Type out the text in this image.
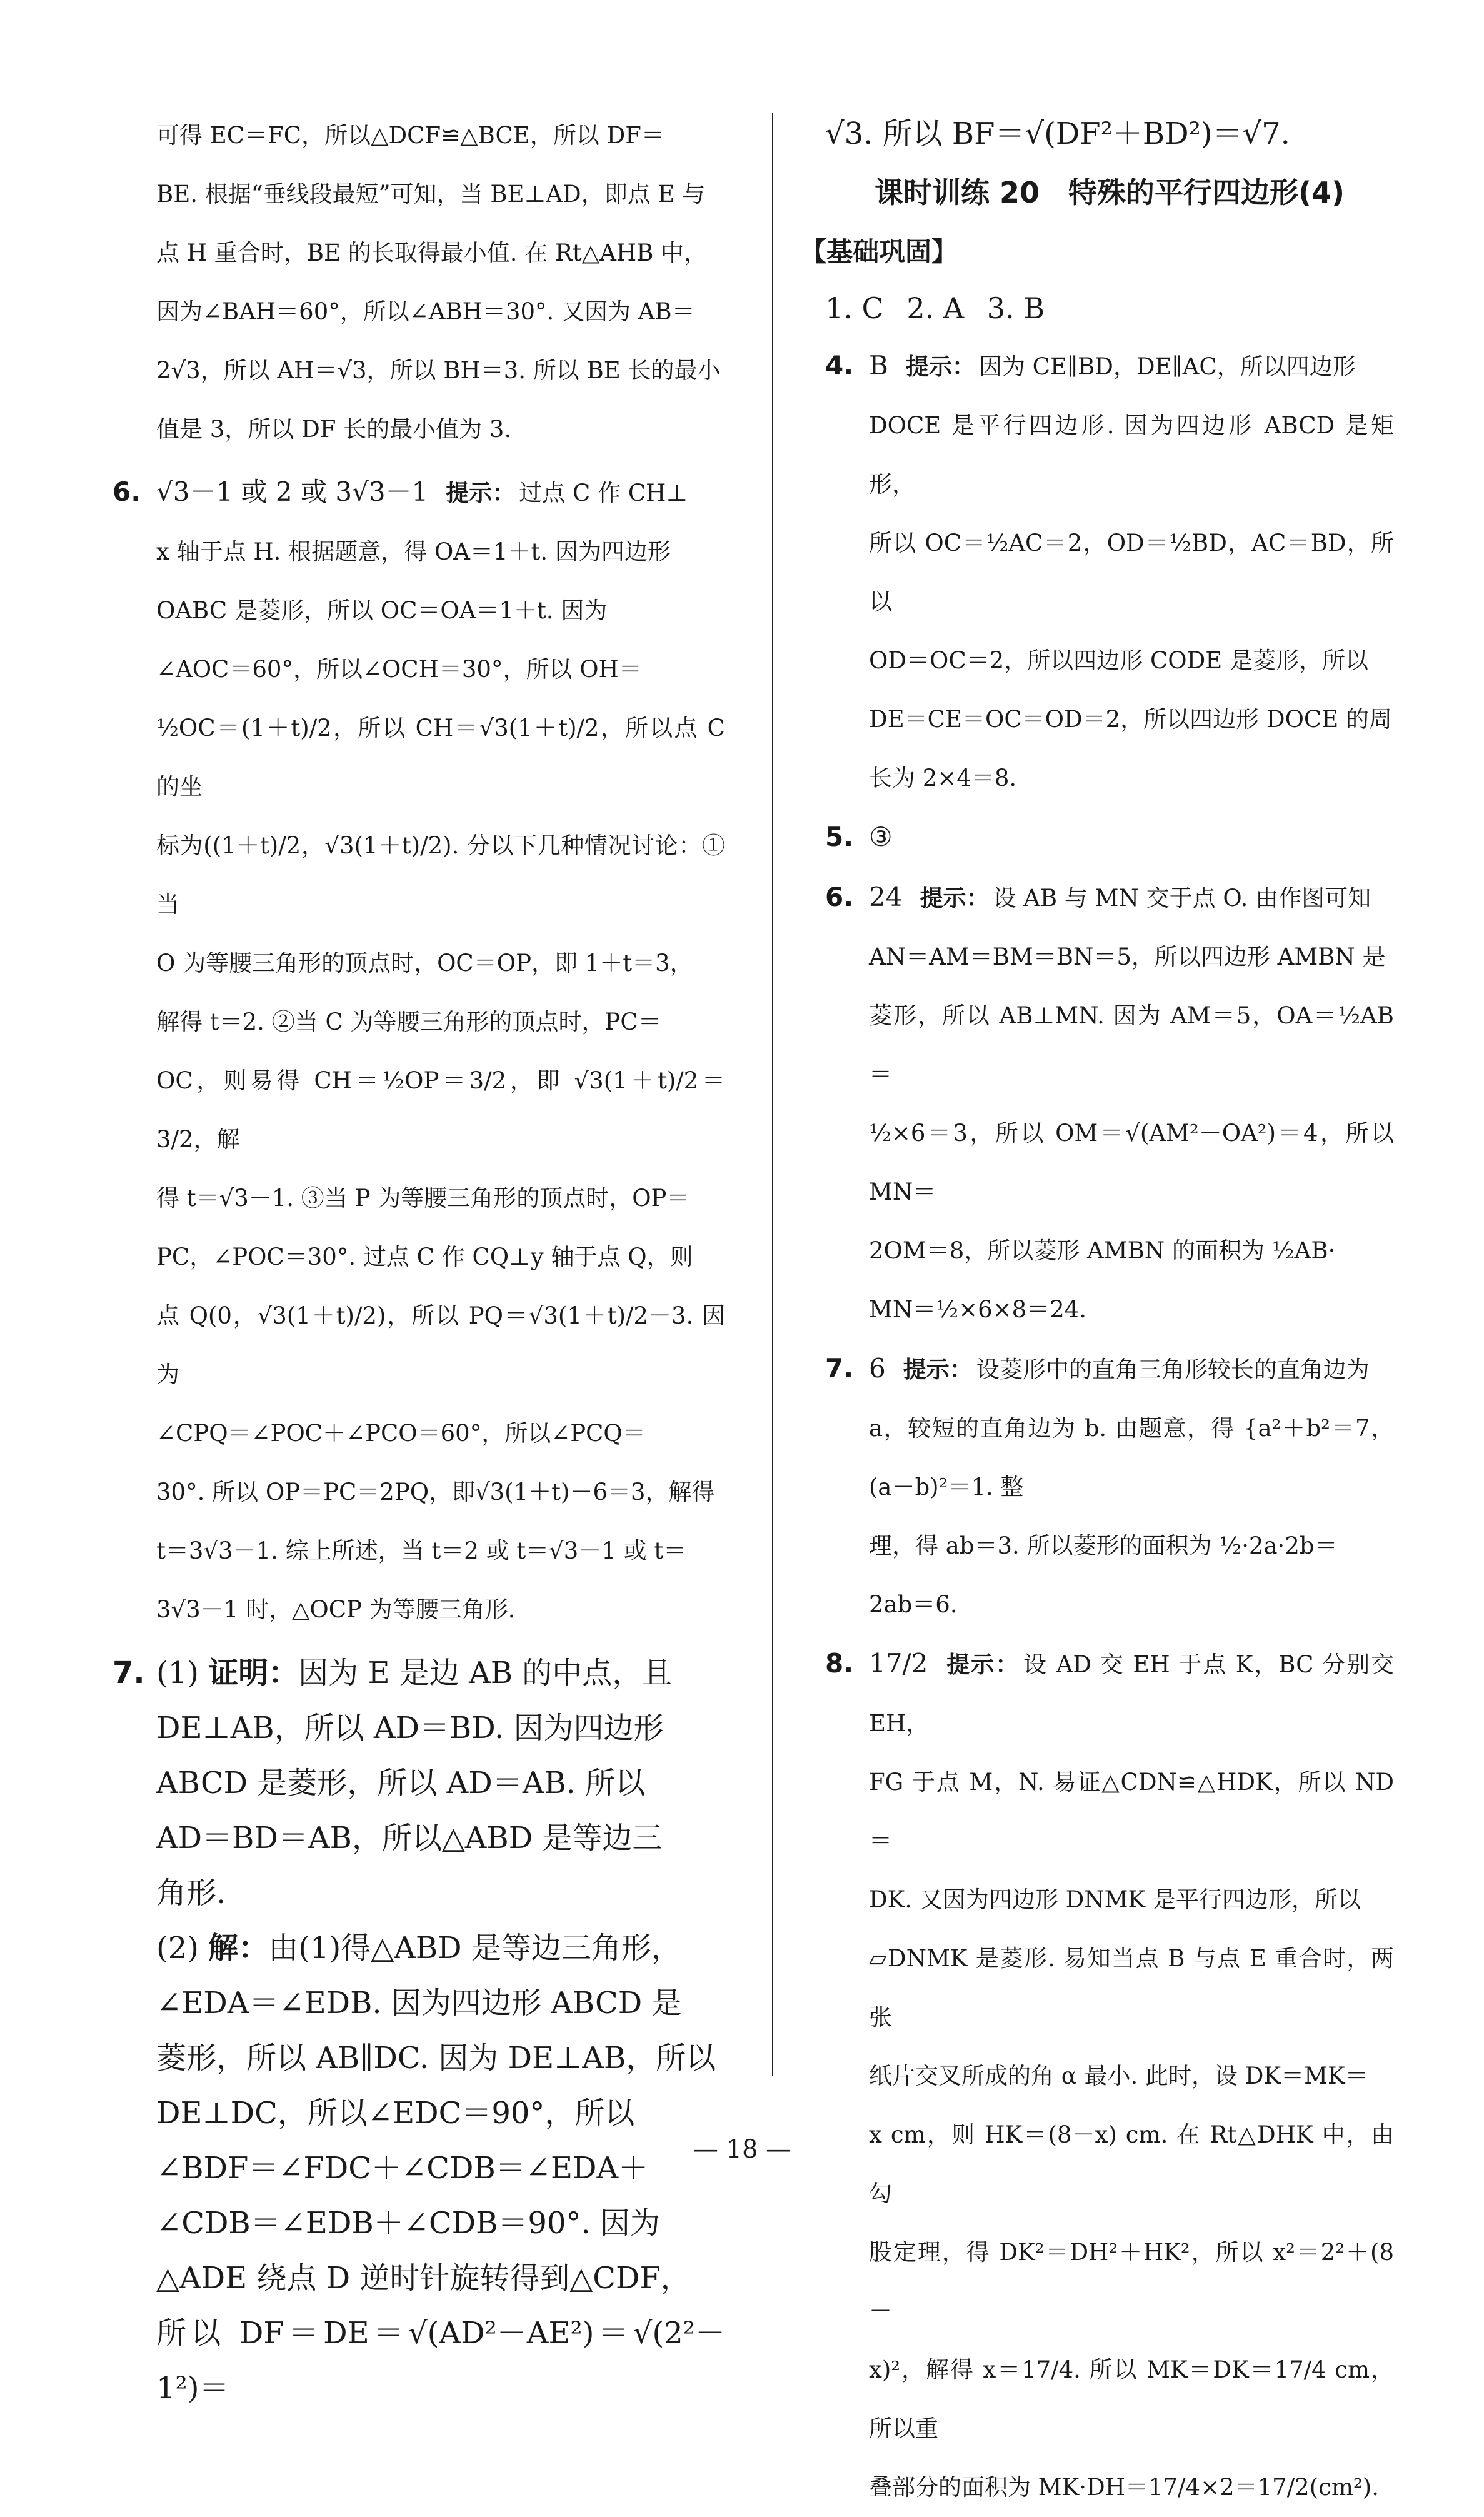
可得 EC＝FC，所以△DCF≌△BCE，所以 DF＝

BE. 根据“垂线段最短”可知，当 BE⊥AD，即点 E 与

点 H 重合时，BE 的长取得最小值. 在 Rt△AHB 中，

因为∠BAH＝60°，所以∠ABH＝30°. 又因为 AB＝

2√3，所以 AH＝√3，所以 BH＝3. 所以 BE 长的最小

值是 3，所以 DF 长的最小值为 3.

6. √3－1 或 2 或 3√3－1 提示： 过点 C 作 CH⊥

x 轴于点 H. 根据题意，得 OA＝1＋t. 因为四边形

OABC 是菱形，所以 OC＝OA＝1＋t. 因为

∠AOC＝60°，所以∠OCH＝30°，所以 OH＝

½OC＝(1＋t)/2，所以 CH＝√3(1＋t)/2，所以点 C 的坐

标为((1＋t)/2，√3(1＋t)/2). 分以下几种情况讨论：①当

O 为等腰三角形的顶点时，OC＝OP，即 1＋t＝3，

解得 t＝2. ②当 C 为等腰三角形的顶点时，PC＝

OC，则易得 CH＝½OP＝3/2，即 √3(1＋t)/2＝3/2，解

得 t＝√3－1. ③当 P 为等腰三角形的顶点时，OP＝

PC，∠POC＝30°. 过点 C 作 CQ⊥y 轴于点 Q，则

点 Q(0，√3(1＋t)/2)，所以 PQ＝√3(1＋t)/2－3. 因为

∠CPQ＝∠POC＋∠PCO＝60°，所以∠PCQ＝

30°. 所以 OP＝PC＝2PQ，即√3(1＋t)－6＝3，解得

t＝3√3－1. 综上所述，当 t＝2 或 t＝√3－1 或 t＝

3√3－1 时，△OCP 为等腰三角形.

7. (1) 证明：因为 E 是边 AB 的中点，且

DE⊥AB，所以 AD＝BD. 因为四边形

ABCD 是菱形，所以 AD＝AB. 所以

AD＝BD＝AB，所以△ABD 是等边三

角形.

(2) 解：由(1)得△ABD 是等边三角形，

∠EDA＝∠EDB. 因为四边形 ABCD 是

菱形，所以 AB∥DC. 因为 DE⊥AB，所以

DE⊥DC，所以∠EDC＝90°，所以

∠BDF＝∠FDC＋∠CDB＝∠EDA＋

∠CDB＝∠EDB＋∠CDB＝90°. 因为

△ADE 绕点 D 逆时针旋转得到△CDF，

所以 DF＝DE＝√(AD²－AE²)＝√(2²－1²)＝

√3. 所以 BF＝√(DF²＋BD²)＝√7.

课时训练 20　特殊的平行四边形(4)

【基础巩固】

1. C 2. A 3. B

4. B 提示： 因为 CE∥BD，DE∥AC，所以四边形

DOCE 是平行四边形. 因为四边形 ABCD 是矩形，

所以 OC＝½AC＝2，OD＝½BD，AC＝BD，所以

OD＝OC＝2，所以四边形 CODE 是菱形，所以

DE＝CE＝OC＝OD＝2，所以四边形 DOCE 的周

长为 2×4＝8.

5. ③

6. 24 提示： 设 AB 与 MN 交于点 O. 由作图可知

AN＝AM＝BM＝BN＝5，所以四边形 AMBN 是

菱形，所以 AB⊥MN. 因为 AM＝5，OA＝½AB＝

½×6＝3，所以 OM＝√(AM²－OA²)＝4，所以 MN＝

2OM＝8，所以菱形 AMBN 的面积为 ½AB·

MN＝½×6×8＝24.

7. 6 提示： 设菱形中的直角三角形较长的直角边为

a，较短的直角边为 b. 由题意，得 {a²＋b²＝7，(a－b)²＝1. 整

理，得 ab＝3. 所以菱形的面积为 ½·2a·2b＝

2ab＝6.

8. 17/2 提示： 设 AD 交 EH 于点 K，BC 分别交 EH，

FG 于点 M，N. 易证△CDN≌△HDK，所以 ND＝

DK. 又因为四边形 DNMK 是平行四边形，所以

▱DNMK 是菱形. 易知当点 B 与点 E 重合时，两张

纸片交叉所成的角 α 最小. 此时，设 DK＝MK＝

x cm，则 HK＝(8－x) cm. 在 Rt△DHK 中，由勾

股定理，得 DK²＝DH²＋HK²，所以 x²＝2²＋(8－

x)²，解得 x＝17/4. 所以 MK＝DK＝17/4 cm，所以重

叠部分的面积为 MK·DH＝17/4×2＝17/2(cm²).

— 18 —
